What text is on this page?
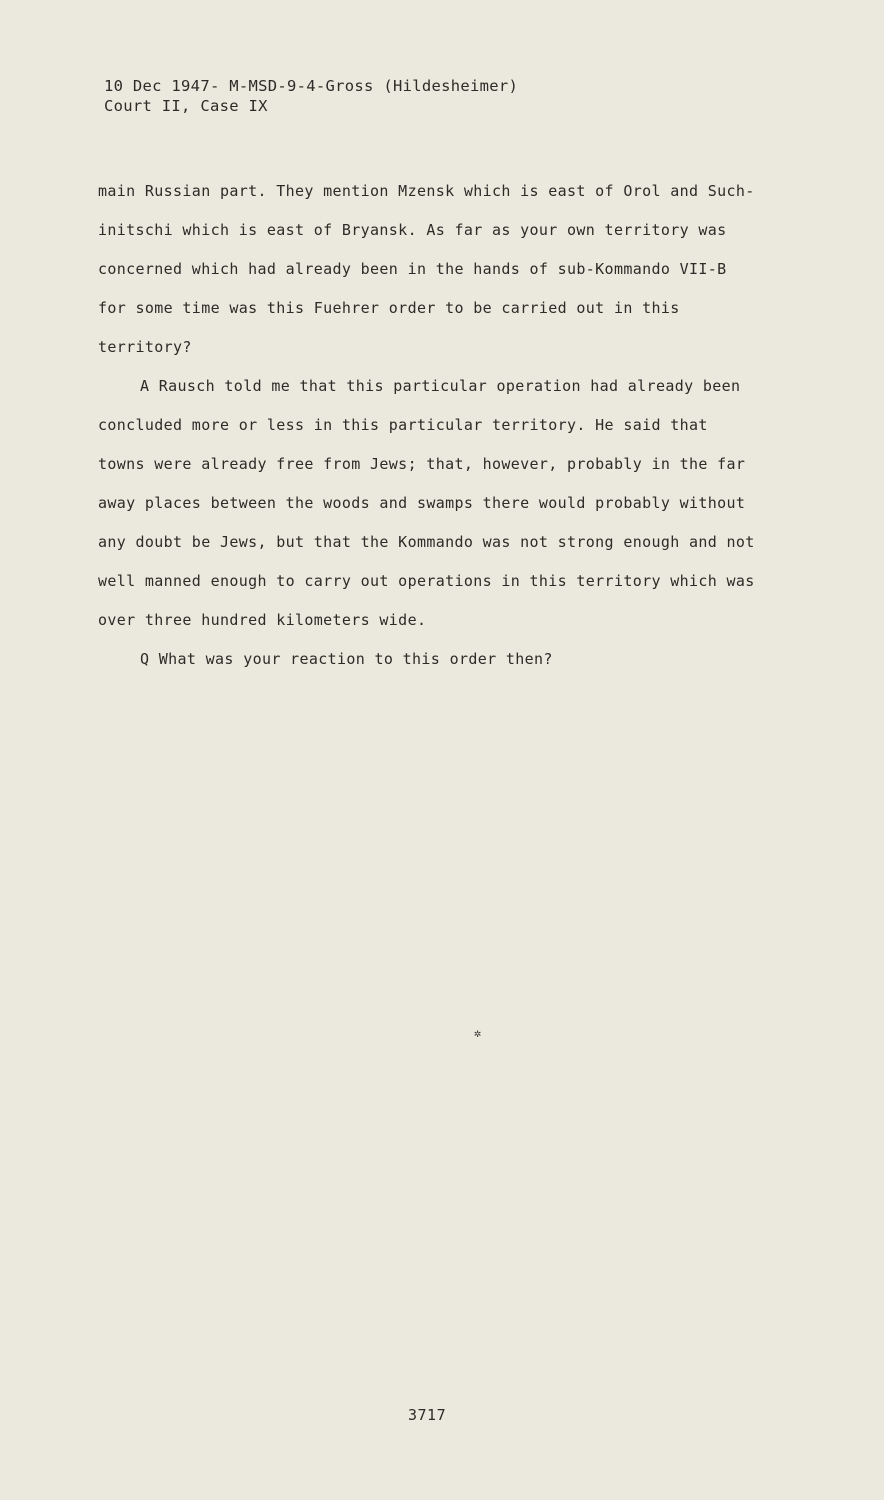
10 Dec 1947- M-MSD-9-4-Gross (Hildesheimer)
Court II, Case IX
main Russian part. They mention Mzensk which is east of Orol and Such-
initschi which is east of Bryansk. As far as your own territory was
concerned which had already been in the hands of sub-Kommando VII-B
for some time was this Fuehrer order to be carried out in this
territory?
A Rausch told me that this particular operation had already been
concluded more or less in this particular territory. He said that
towns were already free from Jews; that, however, probably in the far
away places between the woods and swamps there would probably without
any doubt be Jews, but that the Kommando was not strong enough and not
well manned enough to carry out operations in this territory which was
over three hundred kilometers wide.
Q What was your reaction to this order then?
✲
3717
